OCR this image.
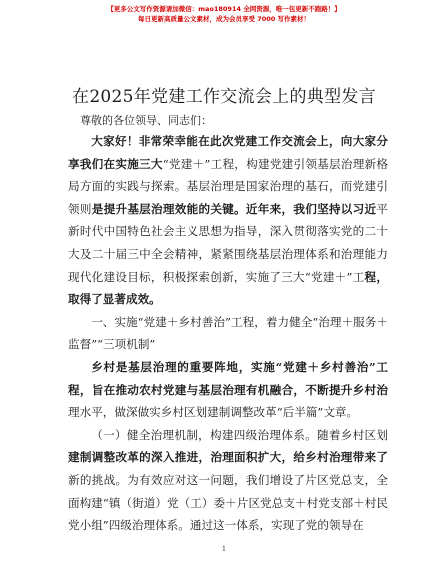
【更多公文写作资源请加微信：mao180914 全网资源，唯一包更新不跑路！】
每日更新高质量公文素材，成为会员享受 7000 写作素材！
在2025年党建工作交流会上的典型发言
尊敬的各位领导、同志们：

大家好！非常荣幸能在此次党建工作交流会上，向大家分享我们在实施三大“党建＋”工程，构建党建引领基层治理新格局方面的实践与探索。基层治理是国家治理的基石，而党建引领则是提升基层治理效能的关键。近年来，我们坚持以习近平新时代中国特色社会主义思想为指导，深入贯彻落实党的二十大及二十届三中全会精神，紧紧围绕基层治理体系和治理能力现代化建设目标，积极探索创新，实施了三大“党建＋”工程，取得了显著成效。

一、实施“党建＋乡村善治”工程，着力健全“治理＋服务＋监督”“三项机制”

乡村是基层治理的重要阵地，实施“党建＋乡村善治”工程，旨在推动农村党建与基层治理有机融合，不断提升乡村治理水平，做深做实乡村区划建制调整改革“后半篇”文章。

（一）健全治理机制，构建四级治理体系。随着乡村区划建制调整改革的深入推进，治理面积扩大，给乡村治理带来了新的挑战。为有效应对这一问题，我们增设了片区党总支，全面构建“镇（街道）党（工）委＋片区党总支＋村党支部＋村民党小组”四级治理体系。通过这一体系，实现了党的领导在

1
